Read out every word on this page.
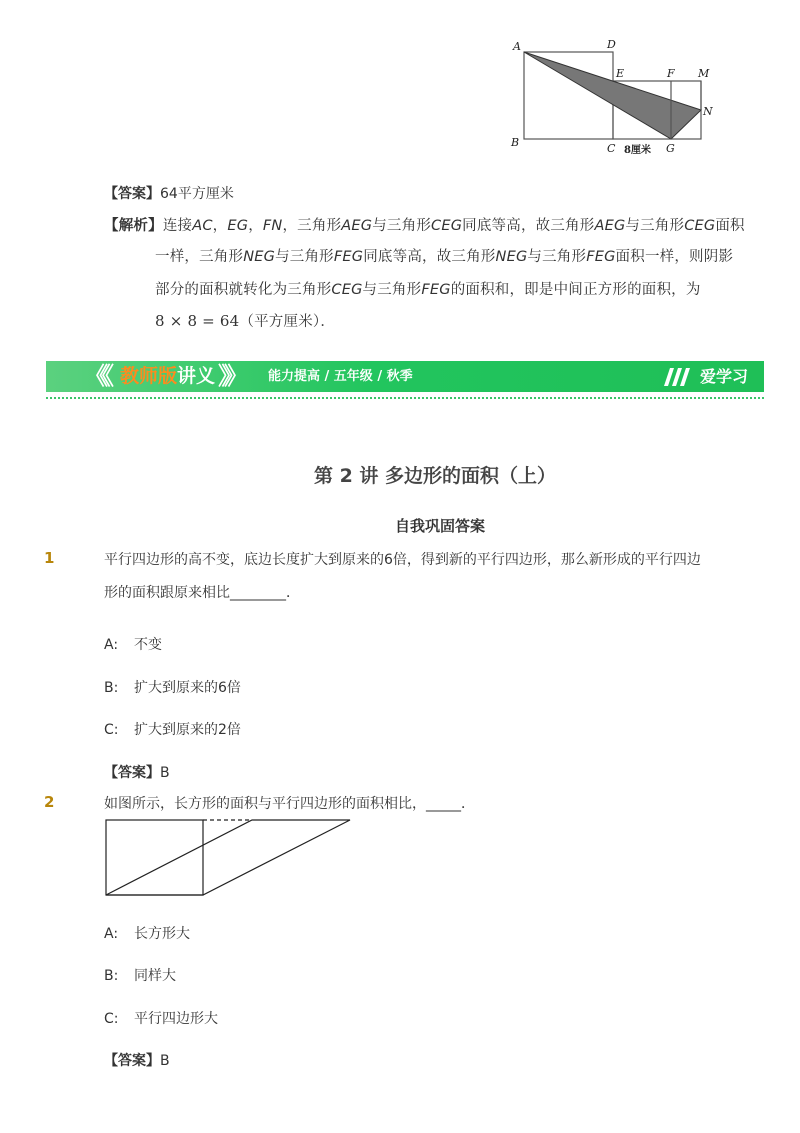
A
B	C
D
E	F M
N
G
8厘米
【答案】64平方厘米
【解析】连接AC，EG，FN，三角形AEG与三角形CEG同底等高，故三角形AEG与三角形CEG面积
一样，三角形NEG与三角形FEG同底等高，故三角形NEG与三角形FEG面积一样，则阴影
部分的面积就转化为三角形CEG与三角形FEG的面积和，即是中间正方形的面积，为
8 × 8 = 64（平方厘米）．
《《 教师版 讲义 》》 能力提高 / 五年级 / 秋季	爱学习
第 2 讲 多边形的面积（上）
自我巩固答案
1	平行四边形的高不变，底边长度扩大到原来的6倍，得到新的平行四边形，那么新形成的平行四边
形的面积跟原来相比________．
A: 不变
B: 扩大到原来的6倍
C: 扩大到原来的2倍
【答案】B
2	如图所示，长方形的面积与平行四边形的面积相比，_____．
A: 长方形大
B: 同样大
C: 平行四边形大
【答案】B
